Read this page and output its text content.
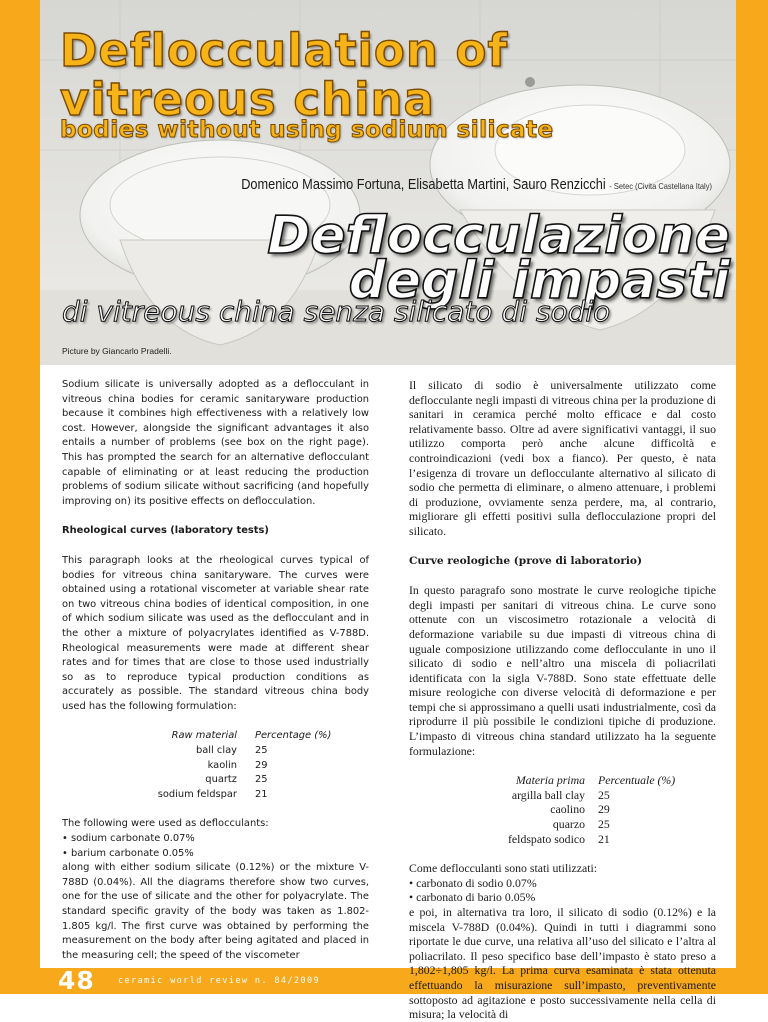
Deflocculation of
vitreous china
bodies without using sodium silicate
Domenico Massimo Fortuna, Elisabetta Martini, Sauro Renzicchi - Setec (Civita Castellana Italy)
Deflocculazione
degli impasti
di vitreous china senza silicato di sodio
Picture by Giancarlo Pradelli.

Sodium silicate is universally adopted as a deflocculant in vitreous china bodies for ceramic sanitaryware production because it combines high effectiveness with a relatively low cost. However, alongside the significant advantages it also entails a number of problems (see box on the right page). This has prompted the search for an alternative deflocculant capable of eliminating or at least reducing the production problems of sodium silicate without sacrificing (and hopefully improving on) its positive effects on deflocculation.

Rheological curves (laboratory tests)

This paragraph looks at the rheological curves typical of bodies for vitreous china sanitaryware. The curves were obtained using a rotational viscometer at variable shear rate on two vitreous china bodies of identical composition, in one of which sodium silicate was used as the deflocculant and in the other a mixture of polyacrylates identified as V-788D. Rheological measurements were made at different shear rates and for times that are close to those used industrially so as to reproduce typical production conditions as accurately as possible. The standard vitreous china body used has the following formulation:

Raw material
ball clay
kaolin
quartz
sodium feldspar
Percentage (%)
25
29
25
21

The following were used as deflocculants:

• sodium carbonate 0.07%

• barium carbonate 0.05%

along with either sodium silicate (0.12%) or the mixture V-788D (0.04%). All the diagrams therefore show two curves, one for the use of silicate and the other for polyacrylate. The standard specific gravity of the body was taken as 1.802-1.805 kg/l. The first curve was obtained by performing the measurement on the body after being agitated and placed in the measuring cell; the speed of the viscometer

Il silicato di sodio è universalmente utilizzato come deflocculante negli impasti di vitreous china per la produzione di sanitari in ceramica perché molto efficace e dal costo relativamente basso. Oltre ad avere significativi vantaggi, il suo utilizzo comporta però anche alcune difficoltà e controindicazioni (vedi box a fianco). Per questo, è nata l’esigenza di trovare un deflocculante alternativo al silicato di sodio che permetta di eliminare, o almeno attenuare, i problemi di produzione, ovviamente senza perdere, ma, al contrario, migliorare gli effetti positivi sulla deflocculazione propri del silicato.

Curve reologiche (prove di laboratorio)

In questo paragrafo sono mostrate le curve reologiche tipiche degli impasti per sanitari di vitreous china. Le curve sono ottenute con un viscosimetro rotazionale a velocità di deformazione variabile su due impasti di vitreous china di uguale composizione utilizzando come deflocculante in uno il silicato di sodio e nell’altro una miscela di poliacrilati identificata con la sigla V-788D. Sono state effettuate delle misure reologiche con diverse velocità di deformazione e per tempi che si approssimano a quelli usati industrialmente, così da riprodurre il più possibile le condizioni tipiche di produzione. L’impasto di vitreous china standard utilizzato ha la seguente formulazione:

Materia prima
argilla ball clay
caolino
quarzo
feldspato sodico
Percentuale (%)
25
29
25
21

Come deflocculanti sono stati utilizzati:

• carbonato di sodio 0.07%

• carbonato di bario 0.05%

e poi, in alternativa tra loro, il silicato di sodio (0.12%) e la miscela V-788D (0.04%). Quindi in tutti i diagrammi sono riportate le due curve, una relativa all’uso del silicato e l’altra al poliacrilato. Il peso specifico base dell’impasto è stato preso a 1,802÷1,805 kg/l. La prima curva esaminata è stata ottenuta effettuando la misurazione sull’impasto, preventivamente sottoposto ad agitazione e posto successivamente nella cella di misura; la velocità di

48	ceramic world review n. 84/2009
